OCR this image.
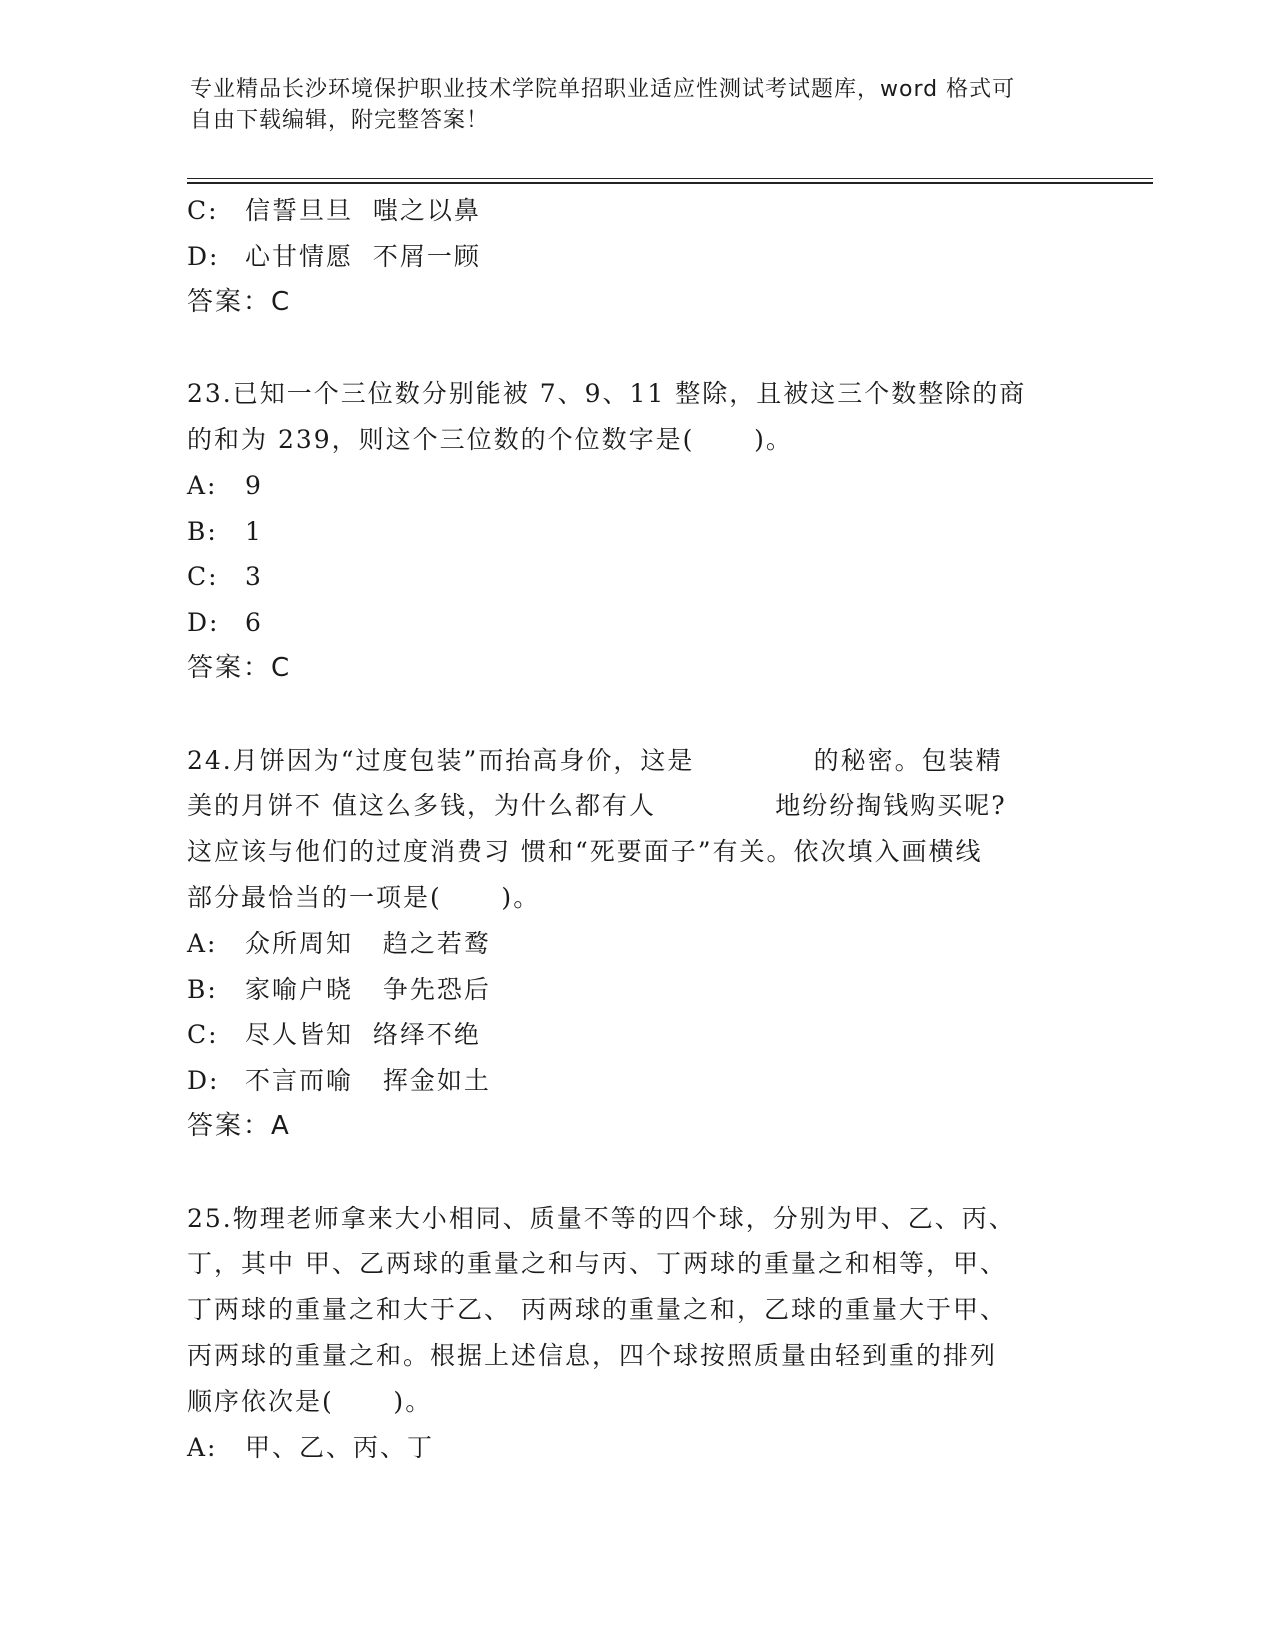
专业精品长沙环境保护职业技术学院单招职业适应性测试考试题库，word 格式可
自由下载编辑，附完整答案！
C: 信誓旦旦  嗤之以鼻
D: 心甘情愿  不屑一顾
答案：C
23.已知一个三位数分别能被 7、9、11 整除，且被这三个数整除的商
的和为 239，则这个三位数的个位数字是(      )。
A: 9
B: 1
C: 3
D: 6
答案：C
24.月饼因为“过度包装”而抬高身价，这是            的秘密。包装精
美的月饼不 值这么多钱，为什么都有人            地纷纷掏钱购买呢?
这应该与他们的过度消费习 惯和“死要面子”有关。依次填入画横线
部分最恰当的一项是(      )。
A: 众所周知   趋之若鹜
B: 家喻户晓   争先恐后
C: 尽人皆知  络绎不绝
D: 不言而喻   挥金如土
答案：A
25.物理老师拿来大小相同、质量不等的四个球，分别为甲、乙、丙、
丁，其中 甲、乙两球的重量之和与丙、丁两球的重量之和相等，甲、
丁两球的重量之和大于乙、 丙两球的重量之和，乙球的重量大于甲、
丙两球的重量之和。根据上述信息，四个球按照质量由轻到重的排列
顺序依次是(      )。
A: 甲、乙、丙、丁
